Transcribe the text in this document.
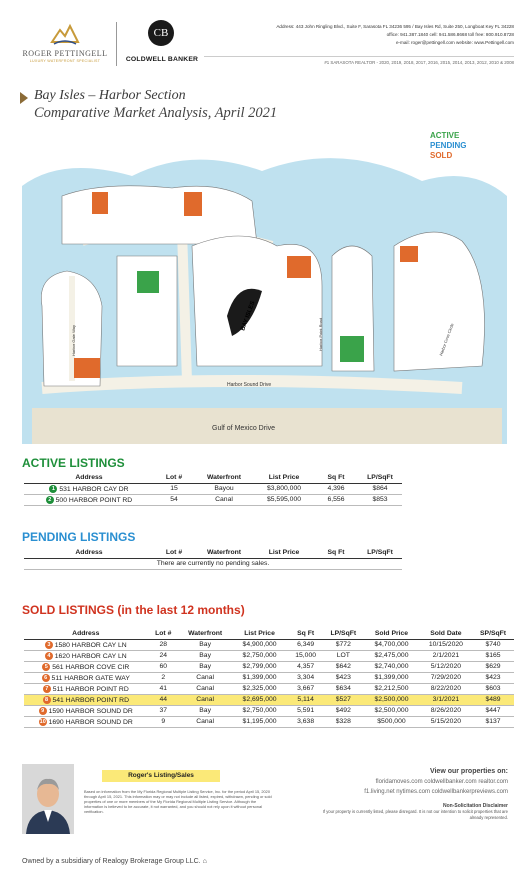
ROGER PETTINGELL
LUXURY WATERFRONT SPECIALIST
CB
COLDWELL BANKER
Address: 443 John Ringling Blvd., Suite F, Sarasota FL 34236 595 / Bay Isles Rd, Suite 250, Longboat Key FL 34228
office: 941.387.1840 cell: 941.586.8668 toll free: 800.910.8728
e-mail: roger@pettingell.com website: www.Pettingell.com
#1 SARASOTA REALTOR - 2020, 2019, 2018, 2017, 2016, 2015, 2014, 2013, 2012, 2010 & 2008
Bay Isles – Harbor Section
Comparative Market Analysis, April 2021
Gulf of Mexico Drive
Harbor Sound Drive
Harbor Gate Way
BAY ISLES
Harbor Point Road	Harbor Cove Circle
ACTIVE
PENDING
SOLD
ACTIVE LISTINGS
Address	Lot #	Waterfront	List Price	Sq Ft	LP/SqFt
1 531 HARBOR CAY DR	15	Bayou	$3,800,000	4,396	$864
2 500 HARBOR POINT RD	54	Canal	$5,595,000	6,556	$853
PENDING LISTINGS
Address	Lot #	Waterfront	List Price	Sq Ft	LP/SqFt
There are currently no pending sales.
SOLD LISTINGS (in the last 12 months)
Address	Lot #	Waterfront	List Price	Sq Ft	LP/SqFt	Sold Price	Sold Date	SP/SqFt
3 1580 HARBOR CAY LN	28	Bay	$4,900,000	6,349	$772	$4,700,000	10/15/2020	$740
4 1620 HARBOR CAY LN	24	Bay	$2,750,000	15,000	LOT	$2,475,000	2/1/2021	$165
5 561 HARBOR COVE CIR	60	Bay	$2,799,000	4,357	$642	$2,740,000	5/12/2020	$629
6 511 HARBOR GATE WAY	2	Canal	$1,399,000	3,304	$423	$1,399,000	7/29/2020	$423
7 511 HARBOR POINT RD	41	Canal	$2,325,000	3,667	$634	$2,212,500	8/22/2020	$603
8 541 HARBOR POINT RD	44	Canal	$2,695,000	5,114	$527	$2,500,000	3/1/2021	$489
9 1590 HARBOR SOUND DR	37	Bay	$2,750,000	5,591	$492	$2,500,000	8/26/2020	$447
10 1690 HARBOR SOUND DR	9	Canal	$1,195,000	3,638	$328	$500,000	5/15/2020	$137
Roger's Listing/Sales
Based on information from the My Florida Regional Multiple Listing Service, Inc. for the period April 15, 2020 through April 15, 2021. This information may or may not include all listed, expired, withdrawn, pending or sold properties of one or more members of the My Florida Regional Multiple Listing Service. Although the information is believed to be accurate, it not warranted, and you should not rely upon it without personal verification.
View our properties on:
floridamoves.com coldwellbanker.com realtor.com
f1.living.net nytimes.com coldwellbankerpreviews.com
Non-Solicitation Disclaimer
If your property is currently listed, please disregard. It is not our intention to solicit properties that are already represented.
Owned by a subsidiary of Realogy Brokerage Group LLC. ⌂
